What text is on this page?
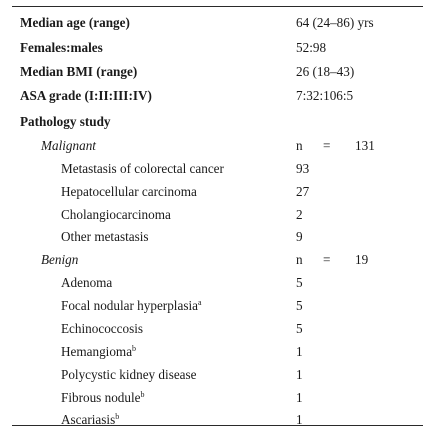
Median age (range)	64 (24–86) yrs
Females:males	52:98
Median BMI (range)	26 (18–43)
ASA grade (I:II:III:IV)	7:32:106:5
Pathology study
Malignant	n = 131
Metastasis of colorectal cancer	93
Hepatocellular carcinoma	27
Cholangiocarcinoma	2
Other metastasis	9
Benign	n = 19
Adenoma	5
Focal nodular hyperplasia$^a$	5
Echinococcosis	5
Hemangioma$^b$	1
Polycystic kidney disease	1
Fibrous nodule$^b$	1
Ascariasis$^b$	1
